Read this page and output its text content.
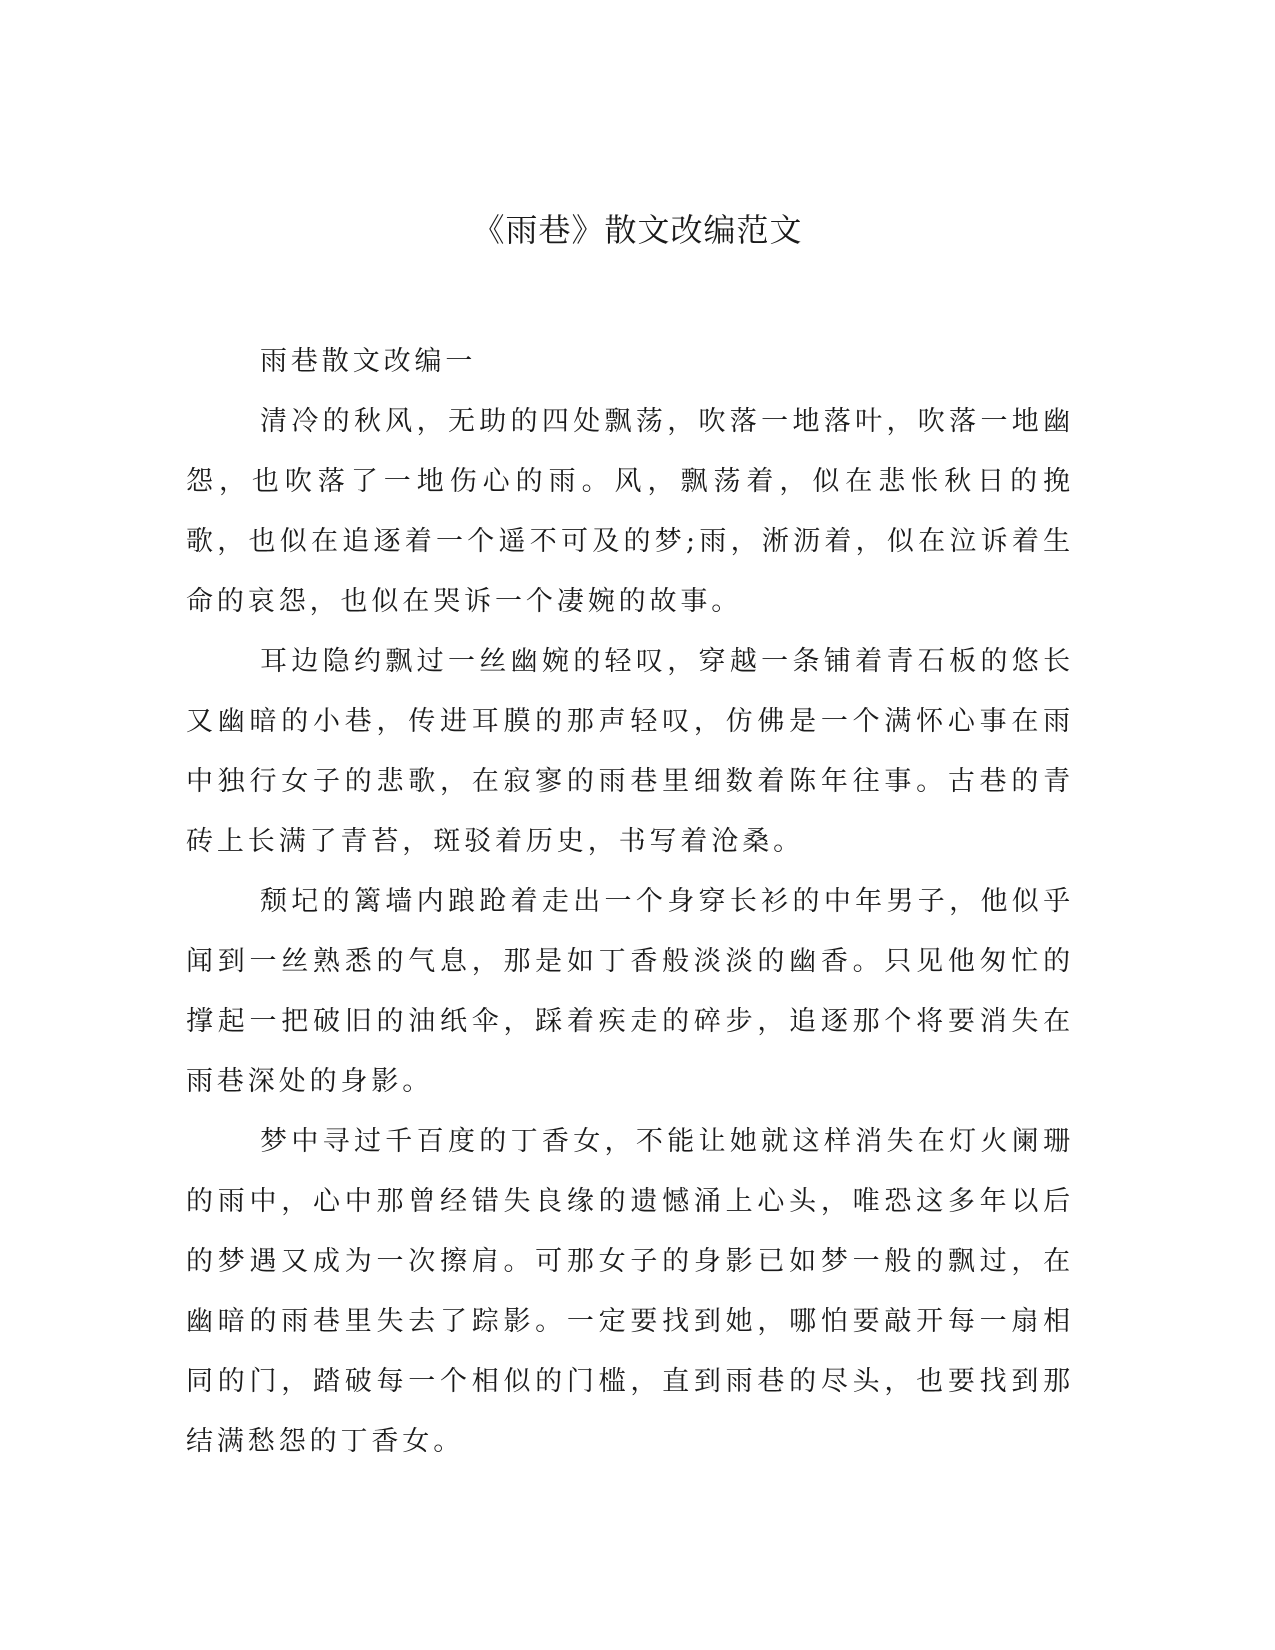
《雨巷》散文改编范文

雨巷散文改编一

清冷的秋风，无助的四处飘荡，吹落一地落叶，吹落一地幽怨，也吹落了一地伤心的雨。风，飘荡着，似在悲怅秋日的挽歌，也似在追逐着一个遥不可及的梦;雨，淅沥着，似在泣诉着生命的哀怨，也似在哭诉一个凄婉的故事。

耳边隐约飘过一丝幽婉的轻叹，穿越一条铺着青石板的悠长又幽暗的小巷，传进耳膜的那声轻叹，仿佛是一个满怀心事在雨中独行女子的悲歌，在寂寥的雨巷里细数着陈年往事。古巷的青砖上长满了青苔，斑驳着历史，书写着沧桑。

颓圮的篱墙内踉跄着走出一个身穿长衫的中年男子，他似乎闻到一丝熟悉的气息，那是如丁香般淡淡的幽香。只见他匆忙的撑起一把破旧的油纸伞，踩着疾走的碎步，追逐那个将要消失在雨巷深处的身影。

梦中寻过千百度的丁香女，不能让她就这样消失在灯火阑珊的雨中，心中那曾经错失良缘的遗憾涌上心头，唯恐这多年以后的梦遇又成为一次擦肩。可那女子的身影已如梦一般的飘过，在幽暗的雨巷里失去了踪影。一定要找到她，哪怕要敲开每一扇相同的门，踏破每一个相似的门槛，直到雨巷的尽头，也要找到那结满愁怨的丁香女。
